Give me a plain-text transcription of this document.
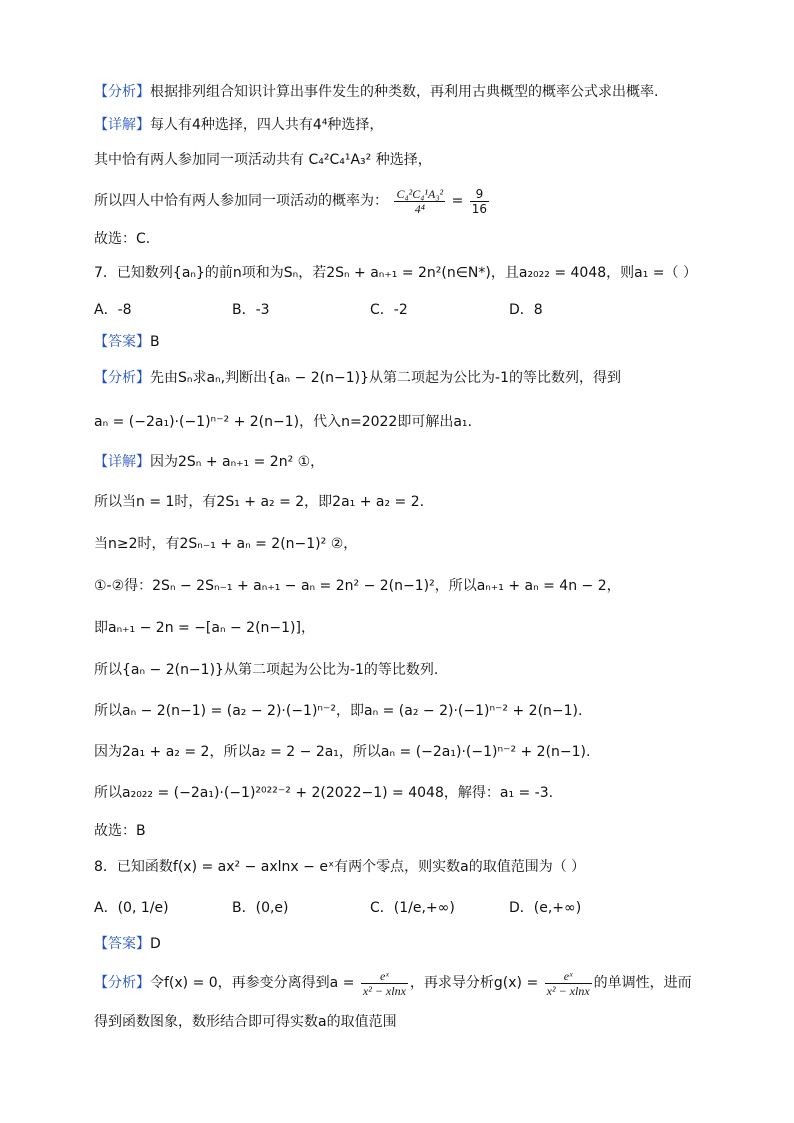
【分析】根据排列组合知识计算出事件发生的种类数，再利用古典概型的概率公式求出概率.
【详解】每人有4种选择，四人共有4⁴种选择，
其中恰有两人参加同一项活动共有 C₄²C₄¹A₃² 种选择，
所以四人中恰有两人参加同一项活动的概率为： $\frac{\text{C₄²C₄¹A₃²}}{\text{4⁴}} = \frac{9}{16}$
故选：C.
7．已知数列{aₙ}的前n项和为Sₙ，若2Sₙ + aₙ₊₁ = 2n²(n∈N*)，且a₂₀₂₂ = 4048，则a₁ =（ ）
A．-8	B．-3	C．-2	D．8
【答案】B
【分析】先由Sₙ求aₙ,判断出{aₙ − 2(n−1)}从第二项起为公比为-1的等比数列，得到
aₙ = (−2a₁)·(−1)ⁿ⁻² + 2(n−1)，代入n=2022即可解出a₁.
【详解】因为2Sₙ + aₙ₊₁ = 2n² ①，
所以当n = 1时，有2S₁ + a₂ = 2，即2a₁ + a₂ = 2.
当n≥2时，有2Sₙ₋₁ + aₙ = 2(n−1)² ②，
①-②得：2Sₙ − 2Sₙ₋₁ + aₙ₊₁ − aₙ = 2n² − 2(n−1)²，所以aₙ₊₁ + aₙ = 4n − 2，
即aₙ₊₁ − 2n = −[aₙ − 2(n−1)]，
所以{aₙ − 2(n−1)}从第二项起为公比为-1的等比数列.
所以aₙ − 2(n−1) = (a₂ − 2)·(−1)ⁿ⁻²，即aₙ = (a₂ − 2)·(−1)ⁿ⁻² + 2(n−1).
因为2a₁ + a₂ = 2，所以a₂ = 2 − 2a₁，所以aₙ = (−2a₁)·(−1)ⁿ⁻² + 2(n−1).
所以a₂₀₂₂ = (−2a₁)·(−1)²⁰²²⁻² + 2(2022−1) = 4048，解得：a₁ = -3.
故选：B
8．已知函数f(x) = ax² − axlnx − eˣ有两个零点，则实数a的取值范围为（ ）
A．(0, 1/e)	B．(0,e)	C．(1/e,+∞)	D．(e,+∞)
【答案】D
【分析】令f(x) = 0，再参变分离得到$a = \frac{\text{eˣ}}{\text{x² − xlnx}}$ ，再求导分析$g(x) = \frac{\text{eˣ}}{\text{x² − xlnx}}$ 的单调性，进而
得到函数图象，数形结合即可得实数a的取值范围
